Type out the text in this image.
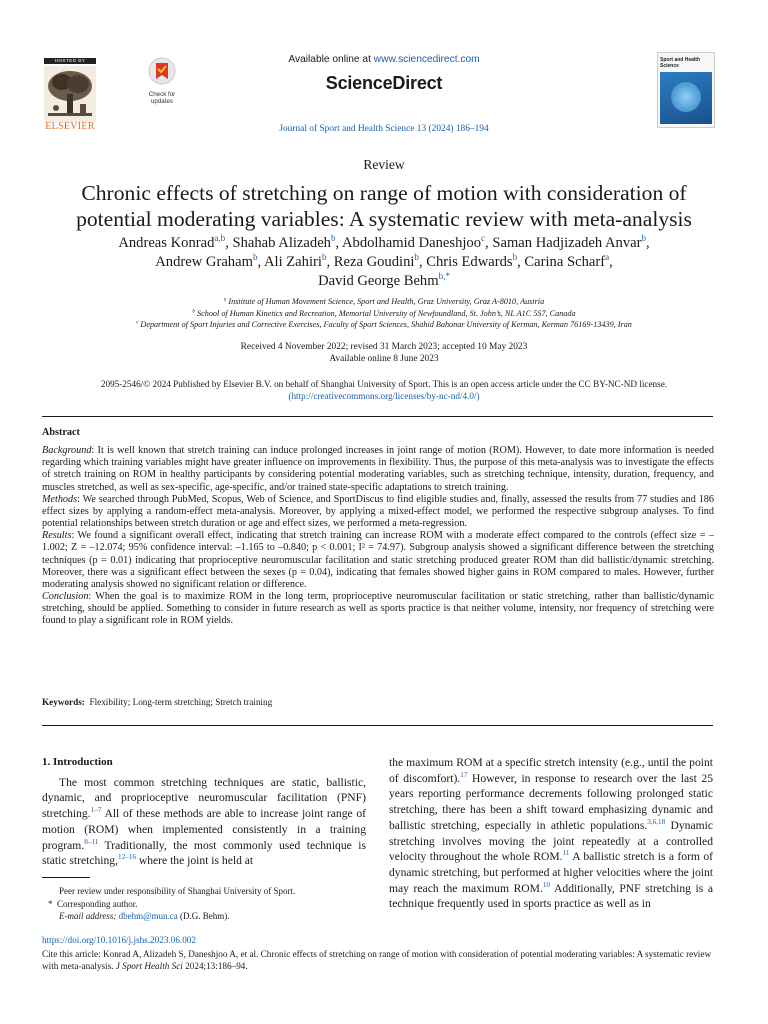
HOSTED BY
ELSEVIER
Check for
updates
Available online at www.sciencedirect.com
ScienceDirect
Journal of Sport and Health Science 13 (2024) 186–194
Sport and Health Science
Review
Chronic effects of stretching on range of motion with consideration of
potential moderating variables: A systematic review with meta-analysis
Andreas Konrad$^{a,b}$, Shahab Alizadeh$^b$, Abdolhamid Daneshjoo$^c$, Saman Hadjizadeh Anvar$^b$,
Andrew Graham$^b$, Ali Zahiri$^b$, Reza Goudini$^b$, Chris Edwards$^b$, Carina Scharf$^a$,
David George Behm$^{b,*}$
$^a$ Institute of Human Movement Science, Sport and Health, Graz University, Graz A-8010, Austria
$^b$ School of Human Kinetics and Recreation, Memorial University of Newfoundland, St. John’s, NL A1C 5S7, Canada
$^c$ Department of Sport Injuries and Corrective Exercises, Faculty of Sport Sciences, Shahid Bahonar University of Kerman, Kerman 76169-13439, Iran
Received 4 November 2022; revised 31 March 2023; accepted 10 May 2023
Available online 8 June 2023
2095-2546/© 2024 Published by Elsevier B.V. on behalf of Shanghai University of Sport. This is an open access article under the CC BY-NC-ND license.
(http://creativecommons.org/licenses/by-nc-nd/4.0/)
Abstract

Background: It is well known that stretch training can induce prolonged increases in joint range of motion (ROM). However, to date more information is needed regarding which training variables might have greater influence on improvements in flexibility. Thus, the purpose of this meta-analysis was to investigate the effects of stretch training on ROM in healthy participants by considering potential moderating variables, such as stretching technique, intensity, duration, frequency, and muscles stretched, as well as sex-specific, age-specific, and/or trained state-specific adaptations to stretch training.

Methods: We searched through PubMed, Scopus, Web of Science, and SportDiscus to find eligible studies and, finally, assessed the results from 77 studies and 186 effect sizes by applying a random-effect meta-analysis. Moreover, by applying a mixed-effect model, we performed the respective subgroup analyses. To find potential relationships between stretch duration or age and effect sizes, we performed a meta-regression.

Results: We found a significant overall effect, indicating that stretch training can increase ROM with a moderate effect compared to the controls (effect size = –1.002; Z = –12.074; 95% confidence interval: –1.165 to –0.840; p < 0.001; I² = 74.97). Subgroup analysis showed a significant difference between the stretching techniques (p = 0.01) indicating that proprioceptive neuromuscular facilitation and static stretching produced greater ROM than did ballistic/dynamic stretching. Moreover, there was a significant effect between the sexes (p = 0.04), indicating that females showed higher gains in ROM compared to males. However, further moderating analysis showed no significant relation or difference.

Conclusion: When the goal is to maximize ROM in the long term, proprioceptive neuromuscular facilitation or static stretching, rather than ballistic/dynamic stretching, should be applied. Something to consider in future research as well as sports practice is that neither volume, intensity, nor frequency of stretching were found to play a significant role in ROM yields.

Keywords: Flexibility; Long-term stretching; Stretch training
1. Introduction

The most common stretching techniques are static, ballistic, dynamic, and proprioceptive neuromuscular facilitation (PNF) stretching.$^{1-7}$ All of these methods are able to increase joint range of motion (ROM) when implemented consistently in a training program.$^{8-11}$ Traditionally, the most commonly used technique is static stretching,$^{12-16}$ where the joint is held at

the maximum ROM at a specific stretch intensity (e.g., until the point of discomfort).$^{17}$ However, in response to research over the last 25 years reporting performance decrements following prolonged static stretching, there has been a shift toward emphasizing dynamic and ballistic stretching, especially in athletic populations.$^{3,6,18}$ Dynamic stretching involves moving the joint repeatedly at a controlled velocity throughout the whole ROM.$^{11}$ A ballistic stretch is a form of dynamic stretching, but performed at higher velocities where the joint may reach the maximum ROM.$^{10}$ Additionally, PNF stretching is a technique frequently used in sports practice as well as in

Peer review under responsibility of Shanghai University of Sport.
* Corresponding author.
E-mail address: dbehm@mun.ca (D.G. Behm).
https://doi.org/10.1016/j.jshs.2023.06.002
Cite this article: Konrad A, Alizadeh S, Daneshjoo A, et al. Chronic effects of stretching on range of motion with consideration of potential moderating variables: A systematic review with meta-analysis. J Sport Health Sci 2024;13:186–94.
